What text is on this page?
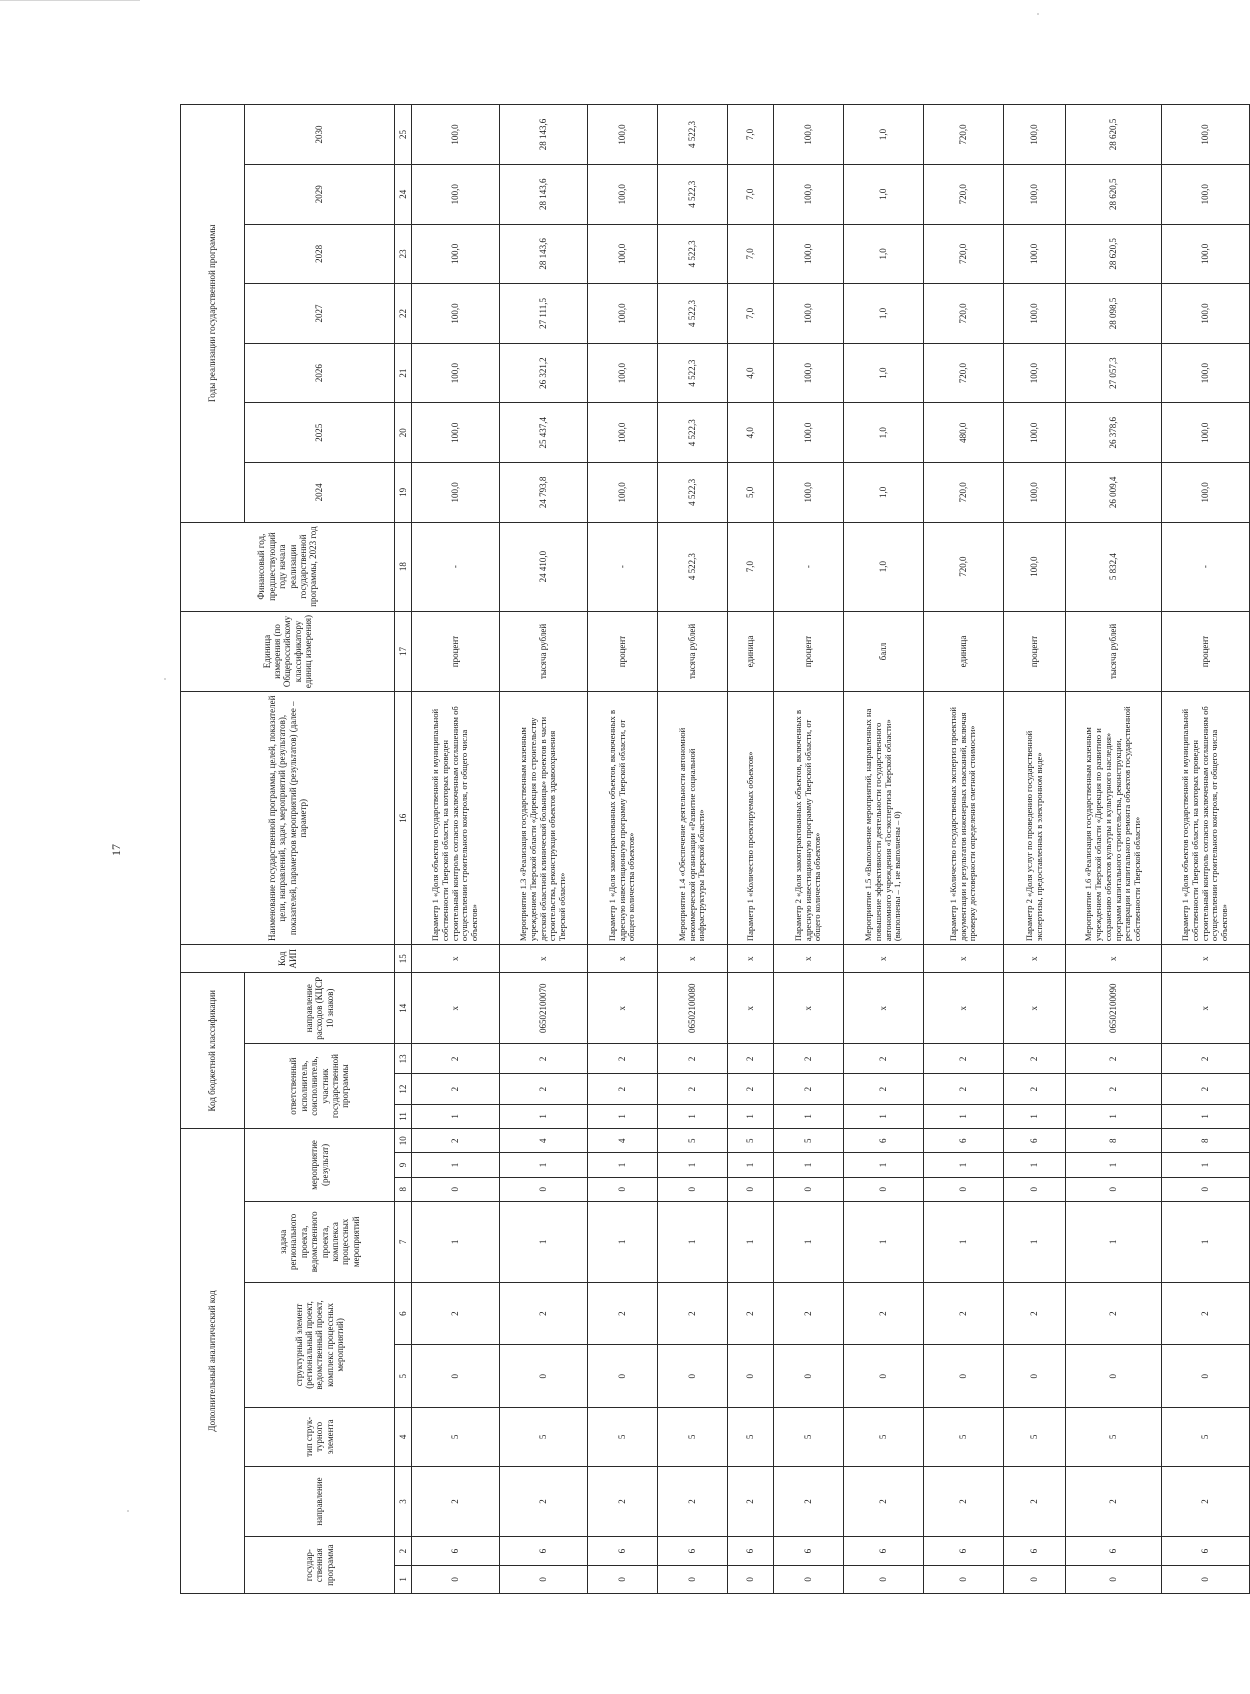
17
Дополнительный аналитический код										Код бюджетной классификации				Код АИП	Наименование государственной программы, целей, показателей цели, направлений, задач, мероприятий (результатов), показателей, параметров мероприятий (результатов) (далее – параметр)	Единица измерения (по Общероссийскому классификатору единиц измерения)	Финансовый год, предшествующий году начала реализации государственной программы, 2023 год	Годы реализации государственной программы						
государ-ственная программа		направление	тип струк-турного элемента	структурный элемент (региональный проект, ведомственный проект, комплекс процессных мероприятий)		задача регионального проекта, ведомственного проекта, комплекса процессных мероприятий	мероприятие (результат)			ответственный исполнитель, соисполнитель, участник государственной программы			направление расходов (КЦСР 10 знаков)					2024	2025	2026	2027	2028	2029	2030

1	2	3	4	5	6	7	8	9	10	11	12	13	14	15	16	17	18	19	20	21	22	23	24	25
0	6	2	5	0	2	1	0	1	2	1	2	2	х	х	Параметр 1 «Доля объектов государственной и муниципальной собственности Тверской области, на которых проведен строительный контроль согласно заключенным соглашениям об осуществлении строительного контроля, от общего числа объектов»	процент	-	100,0	100,0	100,0	100,0	100,0	100,0	100,0
0	6	2	5	0	2	1	0	1	4	1	2	2	06502100070	х	Мероприятие 1.3 «Реализация государственным казенным учреждением Тверской области «Дирекция по строительству детской областной клинической больницы» проектов в части строительства, реконструкции объектов здравоохранения Тверской области»	тысяча рублей	24 410,0	24 793,8	25 437,4	26 321,2	27 111,5	28 143,6	28 143,6	28 143,6
0	6	2	5	0	2	1	0	1	4	1	2	2	х	х	Параметр 1 «Доля законтрактованных объектов, включенных в адресную инвестиционную программу Тверской области, от общего количества объектов»	процент	-	100,0	100,0	100,0	100,0	100,0	100,0	100,0
0	6	2	5	0	2	1	0	1	5	1	2	2	06502100080	х	Мероприятие 1.4 «Обеспечение деятельности автономной некоммерческой организации «Развитие социальной инфраструктуры Тверской области»	тысяча рублей	4 522,3	4 522,3	4 522,3	4 522,3	4 522,3	4 522,3	4 522,3	4 522,3
0	6	2	5	0	2	1	0	1	5	1	2	2	х	х	Параметр 1 «Количество проектируемых объектов»	единица	7,0	5,0	4,0	4,0	7,0	7,0	7,0	7,0
0	6	2	5	0	2	1	0	1	5	1	2	2	х	х	Параметр 2 «Доля законтрактованных объектов, включенных в адресную инвестиционную программу Тверской области, от общего количества объектов»	процент	-	100,0	100,0	100,0	100,0	100,0	100,0	100,0
0	6	2	5	0	2	1	0	1	6	1	2	2	х	х	Мероприятие 1.5 «Выполнение мероприятий, направленных на повышение эффективности деятельности государственного автономного учреждения «Госэкспертиза Тверской области» (выполнены – 1, не выполнены – 0)	балл	1,0	1,0	1,0	1,0	1,0	1,0	1,0	1,0
0	6	2	5	0	2	1	0	1	6	1	2	2	х	х	Параметр 1 «Количество государственных экспертиз проектной документации и результатов инженерных изысканий, включая проверку достоверности определения сметной стоимости»	единица	720,0	720,0	480,0	720,0	720,0	720,0	720,0	720,0
0	6	2	5	0	2	1	0	1	6	1	2	2	х	х	Параметр 2 «Доля услуг по проведению государственной экспертизы, предоставленных в электронном виде»	процент	100,0	100,0	100,0	100,0	100,0	100,0	100,0	100,0
0	6	2	5	0	2	1	0	1	8	1	2	2	06502100090	х	Мероприятие 1.6 «Реализация государственным казенным учреждением Тверской области «Дирекция по развитию и сохранению объектов культуры и культурного наследия» программ капитального строительства, реконструкции, реставрации и капитального ремонта объектов государственной собственности Тверской области»	тысяча рублей	5 832,4	26 009,4	26 378,6	27 057,3	28 098,5	28 620,5	28 620,5	28 620,5
0	6	2	5	0	2	1	0	1	8	1	2	2	х	х	Параметр 1 «Доля объектов государственной и муниципальной собственности Тверской области, на которых проведен строительный контроль согласно заключенным соглашениям об осуществлении строительного контроля, от общего числа объектов»	процент	-	100,0	100,0	100,0	100,0	100,0	100,0	100,0
